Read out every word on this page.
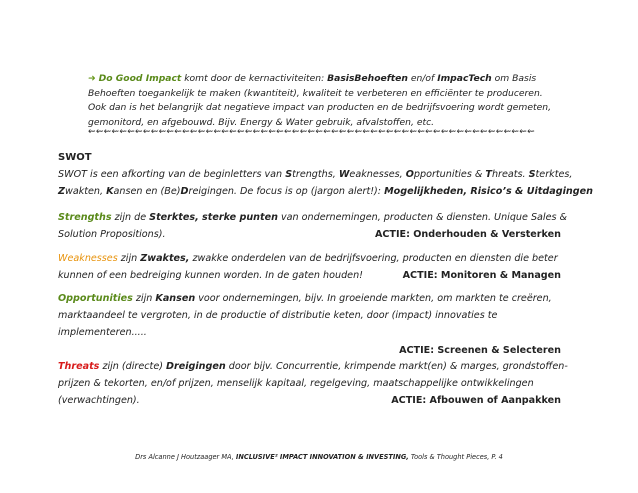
➜ Do Good Impact komt door de kernactiviteiten: BasisBehoeften en/of ImpacTech om Basis
Behoeften toegankelijk te maken (kwantiteit), kwaliteit te verbeteren en efficiënter te produceren.
Ook dan is het belangrijk dat negatieve impact van producten en de bedrijfsvoering wordt gemeten,
gemonitord, en afgebouwd. Bijv. Energy & Water gebruik, afvalstoffen, etc.
⇜⇜⇜⇜⇜⇜⇜⇜⇜⇜⇜⇜⇜⇜⇜⇜⇜⇜⇜⇜⇜⇜⇜⇜⇜⇜⇜⇜⇜⇜⇜⇜⇜⇜⇜⇜⇜⇜⇜⇜⇜⇜⇜⇜⇜⇜⇜⇜⇜⇜⇜⇜⇜⇜⇜⇜⇜
SWOT
SWOT is een afkorting van de beginletters van Strengths, Weaknesses, Opportunities & Threats. Sterktes,
Zwakten, Kansen en (Be)Dreigingen. De focus is op (jargon alert!): Mogelijkheden, Risico’s & Uitdagingen
Strengths zijn de Sterktes, sterke punten van ondernemingen, producten & diensten. Unique Sales &
Solution Propositions).	ACTIE: Onderhouden & Versterken
Weaknesses zijn Zwaktes, zwakke onderdelen van de bedrijfsvoering, producten en diensten die beter
kunnen of een bedreiging kunnen worden. In de gaten houden!	ACTIE: Monitoren & Managen
Opportunities zijn Kansen voor ondernemingen, bijv. In groeiende markten, om markten te creëren,
marktaandeel te vergroten, in de productie of distributie keten, door (impact) innovaties te
implementeren.....

ACTIE: Screenen & Selecteren
Threats zijn (directe) Dreigingen door bijv. Concurrentie, krimpende markt(en) & marges, grondstoffen-
prijzen & tekorten, en/of prijzen, menselijk kapitaal, regelgeving, maatschappelijke ontwikkelingen
(verwachtingen).	ACTIE: Afbouwen of Aanpakken
Drs Alcanne J Houtzaager MA, INCLUSIVE² IMPACT INNOVATION & INVESTING, Tools & Thought Pieces, P. 4
